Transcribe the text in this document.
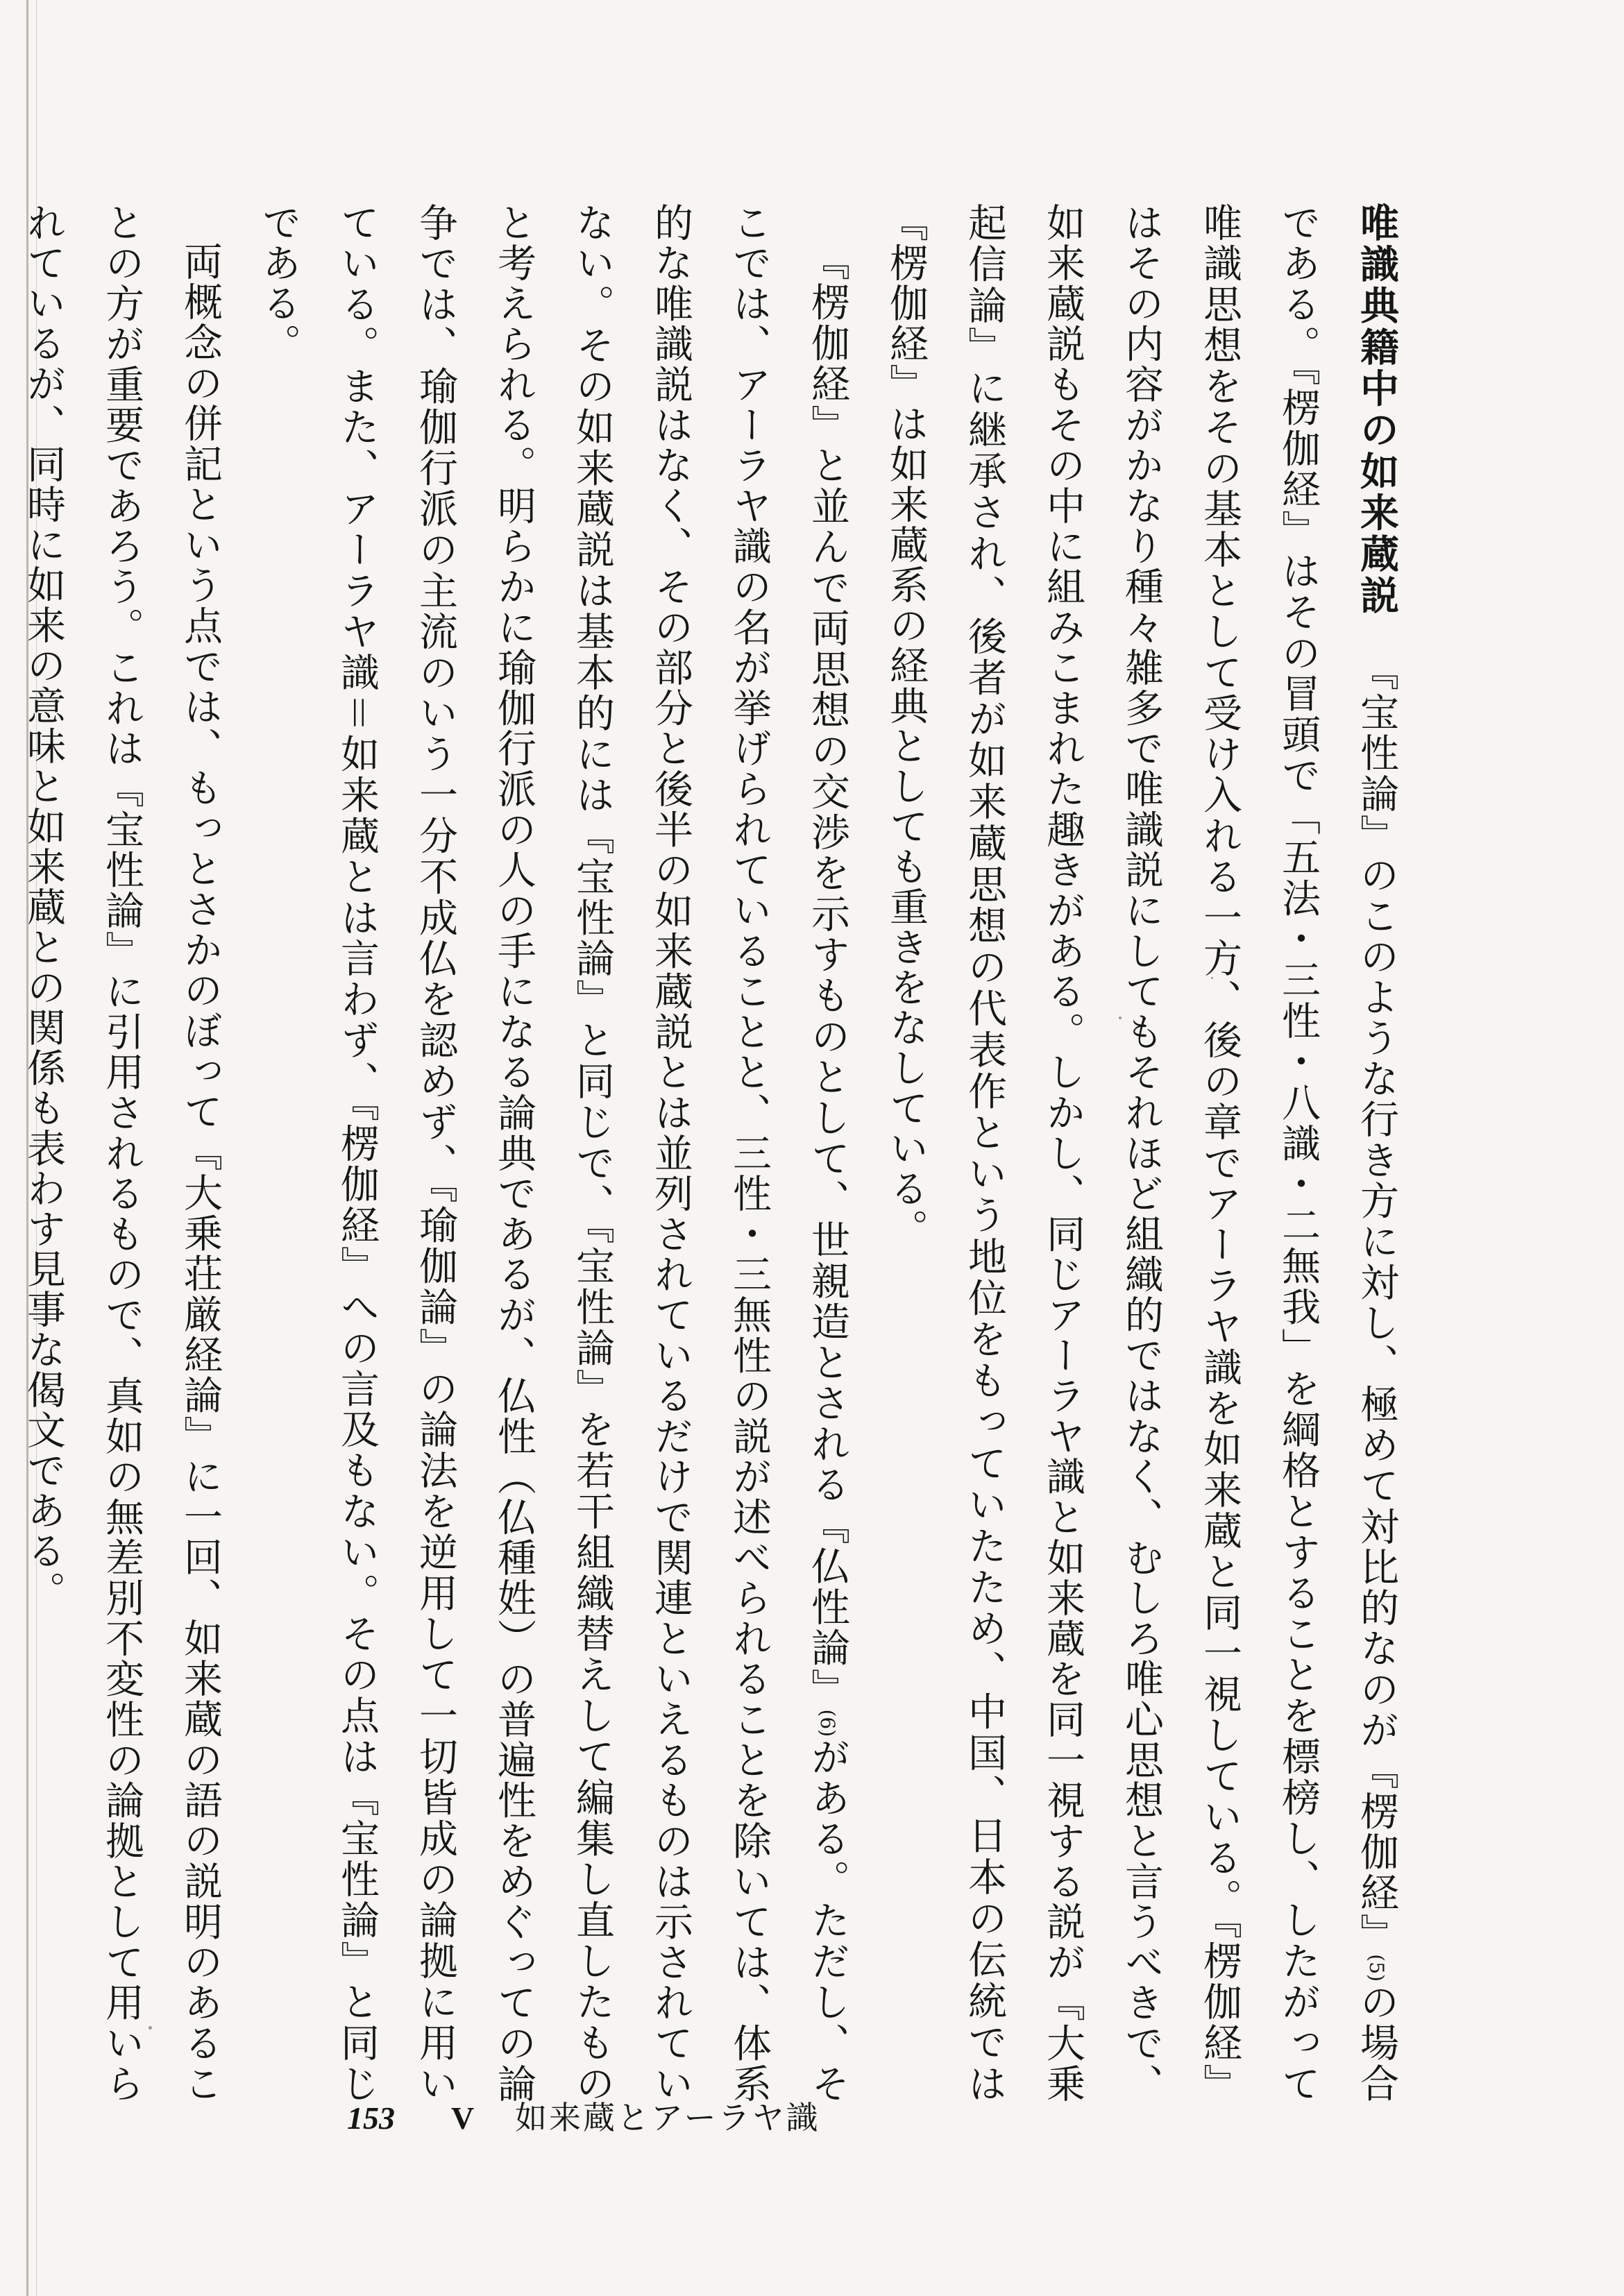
唯識典籍中の如来蔵説『宝性論』のこのような行き方に対し、極めて対比的なのが『楞伽経』(5)の場合である。『楞伽経』はその冒頭で「五法・三性・八識・二無我」を綱格とすることを標榜し、したがって唯識思想をその基本として受け入れる一方、後の章でアーラヤ識を如来蔵と同一視している。『楞伽経』はその内容がかなり種々雑多で唯識説にしてもそれほど組織的ではなく、むしろ唯心思想と言うべきで、如来蔵説もその中に組みこまれた趣きがある。しかし、同じアーラヤ識と如来蔵を同一視する説が『大乗起信論』に継承され、後者が如来蔵思想の代表作という地位をもっていたため、中国、日本の伝統では『楞伽経』は如来蔵系の経典としても重きをなしている。

『楞伽経』と並んで両思想の交渉を示すものとして、世親造とされる『仏性論』(6)がある。ただし、そこでは、アーラヤ識の名が挙げられていることと、三性・三無性の説が述べられることを除いては、体系的な唯識説はなく、その部分と後半の如来蔵説とは並列されているだけで関連といえるものは示されていない。その如来蔵説は基本的には『宝性論』と同じで、『宝性論』を若干組織替えして編集し直したものと考えられる。明らかに瑜伽行派の人の手になる論典であるが、仏性（仏種姓）の普遍性をめぐっての論争では、瑜伽行派の主流のいう一分不成仏を認めず、『瑜伽論』の論法を逆用して一切皆成の論拠に用いている。また、アーラヤ識＝如来蔵とは言わず、『楞伽経』への言及もない。その点は『宝性論』と同じである。

両概念の併記という点では、もっとさかのぼって『大乗荘厳経論』に一回、如来蔵の語の説明のあることの方が重要であろう。これは『宝性論』に引用されるもので、真如の無差別不変性の論拠として用いられているが、同時に如来の意味と如来蔵との関係も表わす見事な偈文である。

153	V	如来蔵とアーラヤ識
